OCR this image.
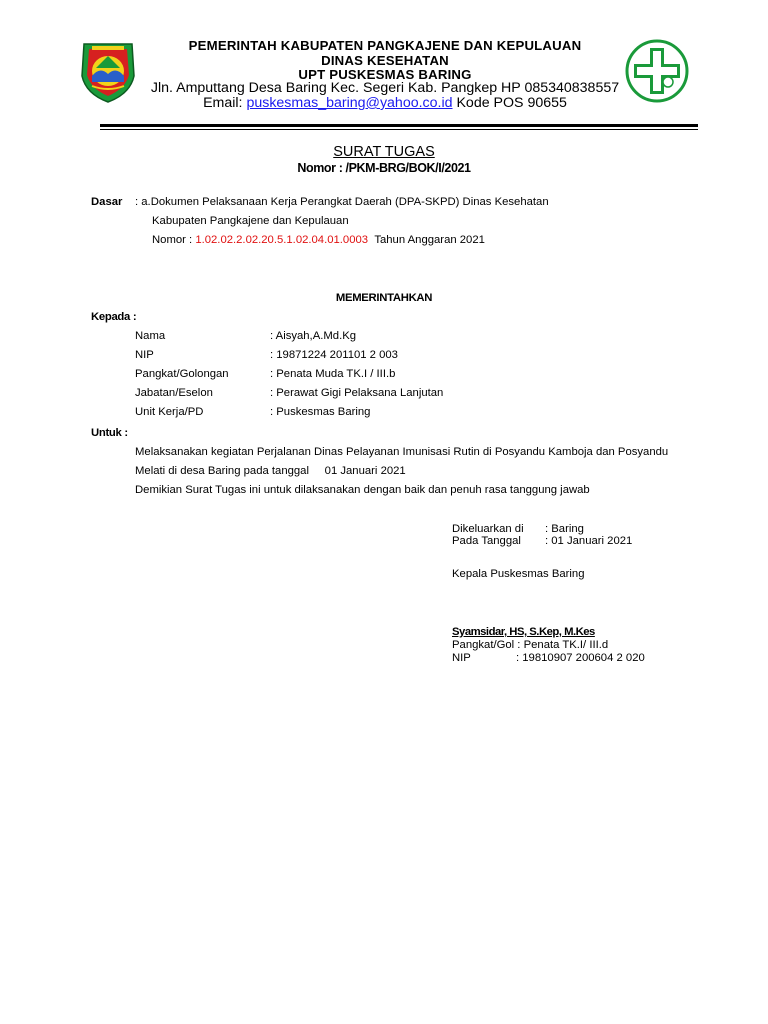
PEMERINTAH KABUPATEN PANGKAJENE DAN KEPULAUAN
DINAS KESEHATAN
UPT PUSKESMAS BARING
Jln. Amputtang Desa Baring Kec. Segeri Kab. Pangkep HP 085340838557
Email: puskesmas_baring@yahoo.co.id Kode POS 90655
SURAT TUGAS
Nomor : /PKM-BRG/BOK/I/2021
Dasar : a.Dokumen Pelaksanaan Kerja Perangkat Daerah (DPA-SKPD) Dinas Kesehatan
Kabupaten Pangkajene dan Kepulauan
Nomor : 1.02.02.2.02.20.5.1.02.04.01.0003 Tahun Anggaran 2021
MEMERINTAHKAN
Kepada :
Nama	: Aisyah,A.Md.Kg
NIP	: 19871224 201101 2 003
Pangkat/Golongan	: Penata Muda TK.I / III.b
Jabatan/Eselon	: Perawat Gigi Pelaksana Lanjutan
Unit Kerja/PD	: Puskesmas Baring
Untuk :
Melaksanakan kegiatan Perjalanan Dinas Pelayanan Imunisasi Rutin di Posyandu Kamboja dan Posyandu
Melati di desa Baring pada tanggal 01 Januari 2021
Demikian Surat Tugas ini untuk dilaksanakan dengan baik dan penuh rasa tanggung jawab
Dikeluarkan di : Baring
Pada Tanggal : 01 Januari 2021
Kepala Puskesmas Baring
Syamsidar, HS, S.Kep, M.Kes
Pangkat/Gol : Penata TK.I/ III.d
NIP	: 19810907 200604 2 020
